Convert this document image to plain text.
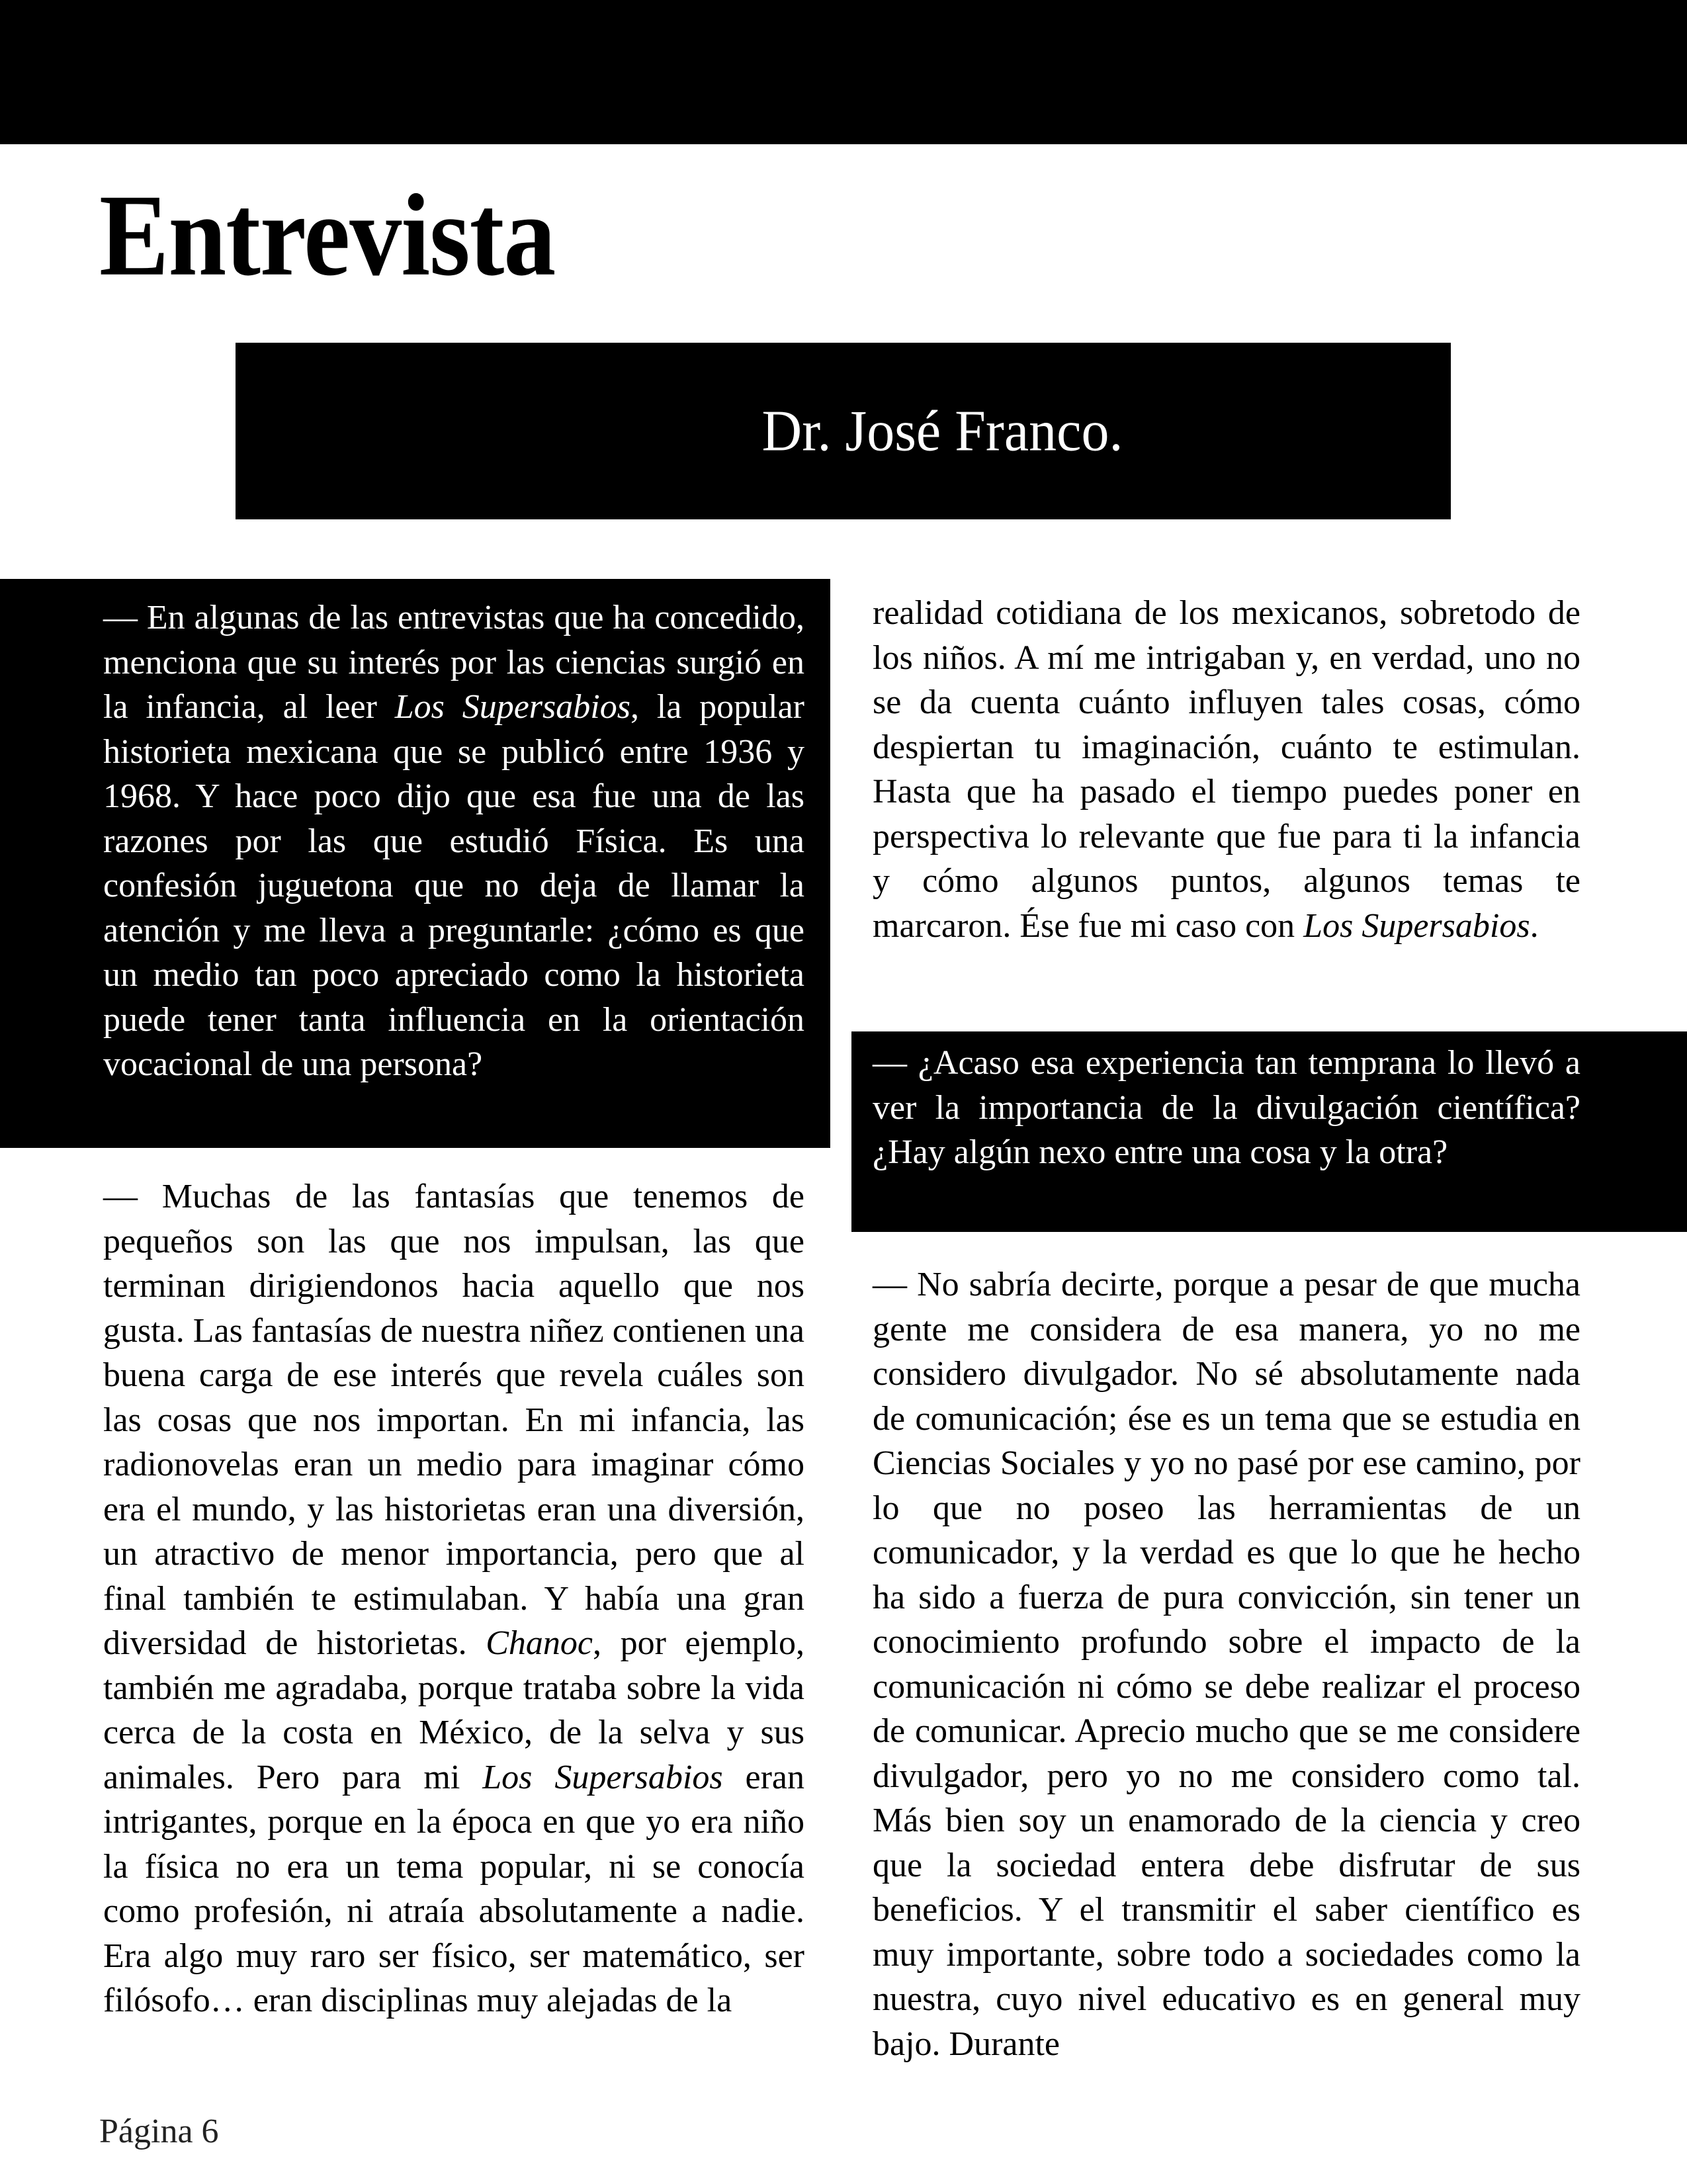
Entrevista
Dr. José Franco.

— En algunas de las entrevistas que ha concedido, menciona que su interés por las ciencias surgió en la infancia, al leer Los Supersabios, la popular historieta mexicana que se publicó entre 1936 y 1968. Y hace poco dijo que esa fue una de las razones por las que estudió Física. Es una confesión juguetona que no deja de llamar la atención y me lleva a preguntarle: ¿cómo es que un medio tan poco apreciado como la historieta puede tener tanta influencia en la orientación vocacional de una persona?

— Muchas de las fantasías que tenemos de pequeños son las que nos impulsan, las que terminan dirigiendonos hacia aquello que nos gusta. Las fantasías de nuestra niñez contienen una buena carga de ese interés que revela cuáles son las cosas que nos importan. En mi infancia, las radionovelas eran un medio para imaginar cómo era el mundo, y las historietas eran una diversión, un atractivo de menor importancia, pero que al final también te estimulaban. Y había una gran diversidad de historietas. Chanoc, por ejemplo, también me agradaba, porque trataba sobre la vida cerca de la costa en México, de la selva y sus animales. Pero para mi Los Supersabios eran intrigantes, porque en la época en que yo era niño la física no era un tema popular, ni se conocía como profesión, ni atraía absolutamente a nadie. Era algo muy raro ser físico, ser matemático, ser filósofo… eran disciplinas muy alejadas de la

realidad cotidiana de los mexicanos, sobretodo de los niños. A mí me intrigaban y, en verdad, uno no se da cuenta cuánto influyen tales cosas, cómo despiertan tu imaginación, cuánto te estimulan. Hasta que ha pasado el tiempo puedes poner en perspectiva lo relevante que fue para ti la infancia y cómo algunos puntos, algunos temas te marcaron. Ése fue mi caso con Los Supersabios.

— ¿Acaso esa experiencia tan temprana lo llevó a ver la importancia de la divulgación científica? ¿Hay algún nexo entre una cosa y la otra?

— No sabría decirte, porque a pesar de que mucha gente me considera de esa manera, yo no me considero divulgador. No sé absolutamente nada de comunicación; ése es un tema que se estudia en Ciencias Sociales y yo no pasé por ese camino, por lo que no poseo las herramientas de un comunicador, y la verdad es que lo que he hecho ha sido a fuerza de pura convicción, sin tener un conocimiento profundo sobre el impacto de la comunicación ni cómo se debe realizar el proceso de comunicar. Aprecio mucho que se me considere divulgador, pero yo no me considero como tal. Más bien soy un enamorado de la ciencia y creo que la sociedad entera debe disfrutar de sus beneficios. Y el transmitir el saber científico es muy importante, sobre todo a sociedades como la nuestra, cuyo nivel educativo es en general muy bajo. Durante

Página 6
